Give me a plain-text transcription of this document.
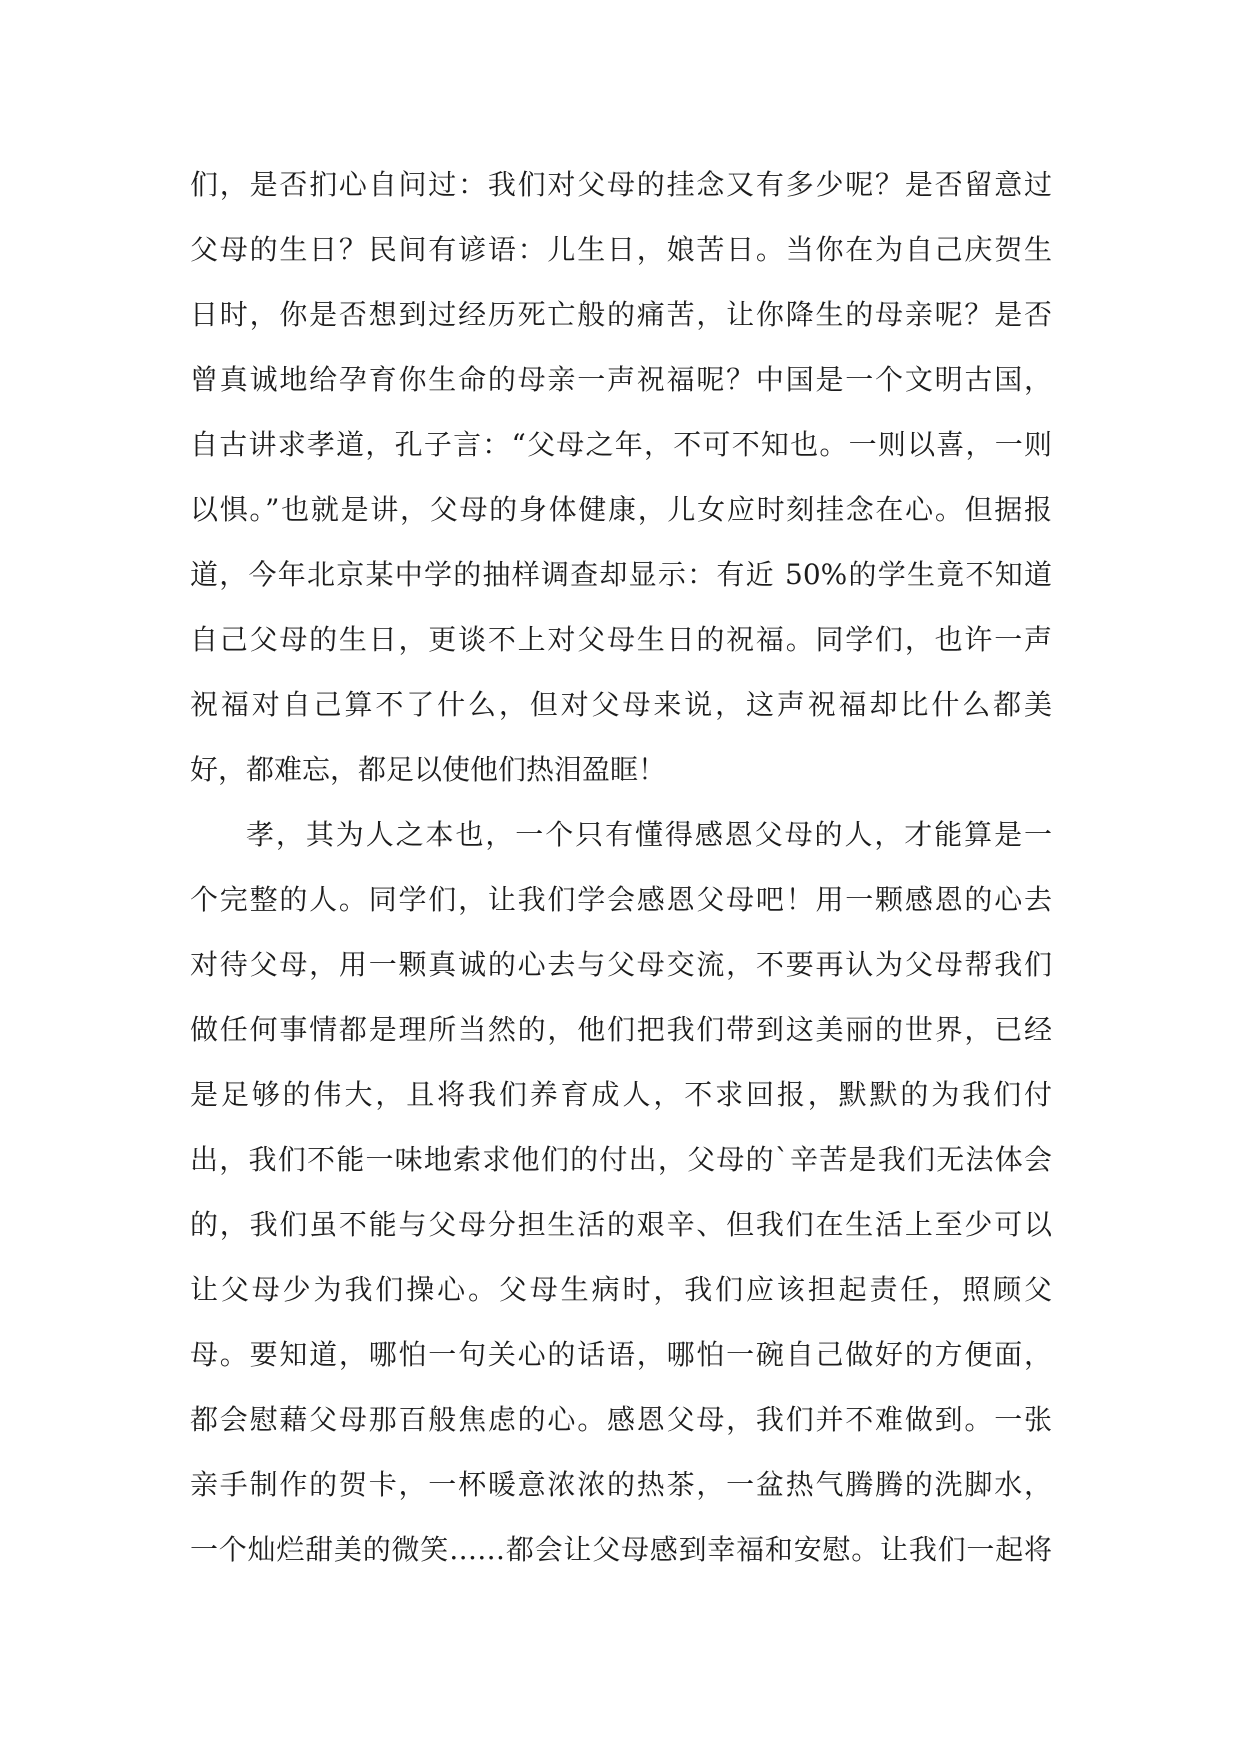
们，是否扪心自问过：我们对父母的挂念又有多少呢？是否留意过
父母的生日？民间有谚语：儿生日，娘苦日。当你在为自己庆贺生
日时，你是否想到过经历死亡般的痛苦，让你降生的母亲呢？是否
曾真诚地给孕育你生命的母亲一声祝福呢？中国是一个文明古国，
自古讲求孝道，孔子言：“父母之年，不可不知也。一则以喜，一则
以惧。”也就是讲，父母的身体健康，儿女应时刻挂念在心。但据报
道，今年北京某中学的抽样调查却显示：有近 50%的学生竟不知道
自己父母的生日，更谈不上对父母生日的祝福。同学们，也许一声
祝福对自己算不了什么，但对父母来说，这声祝福却比什么都美
好，都难忘，都足以使他们热泪盈眶！
孝，其为人之本也，一个只有懂得感恩父母的人，才能算是一
个完整的人。同学们，让我们学会感恩父母吧！用一颗感恩的心去
对待父母，用一颗真诚的心去与父母交流，不要再认为父母帮我们
做任何事情都是理所当然的，他们把我们带到这美丽的世界，已经
是足够的伟大，且将我们养育成人，不求回报，默默的为我们付
出，我们不能一味地索求他们的付出，父母的`辛苦是我们无法体会
的，我们虽不能与父母分担生活的艰辛、但我们在生活上至少可以
让父母少为我们操心。父母生病时，我们应该担起责任，照顾父
母。要知道，哪怕一句关心的话语，哪怕一碗自己做好的方便面，
都会慰藉父母那百般焦虑的心。感恩父母，我们并不难做到。一张
亲手制作的贺卡，一杯暖意浓浓的热茶，一盆热气腾腾的洗脚水，
一个灿烂甜美的微笑……都会让父母感到幸福和安慰。让我们一起将
